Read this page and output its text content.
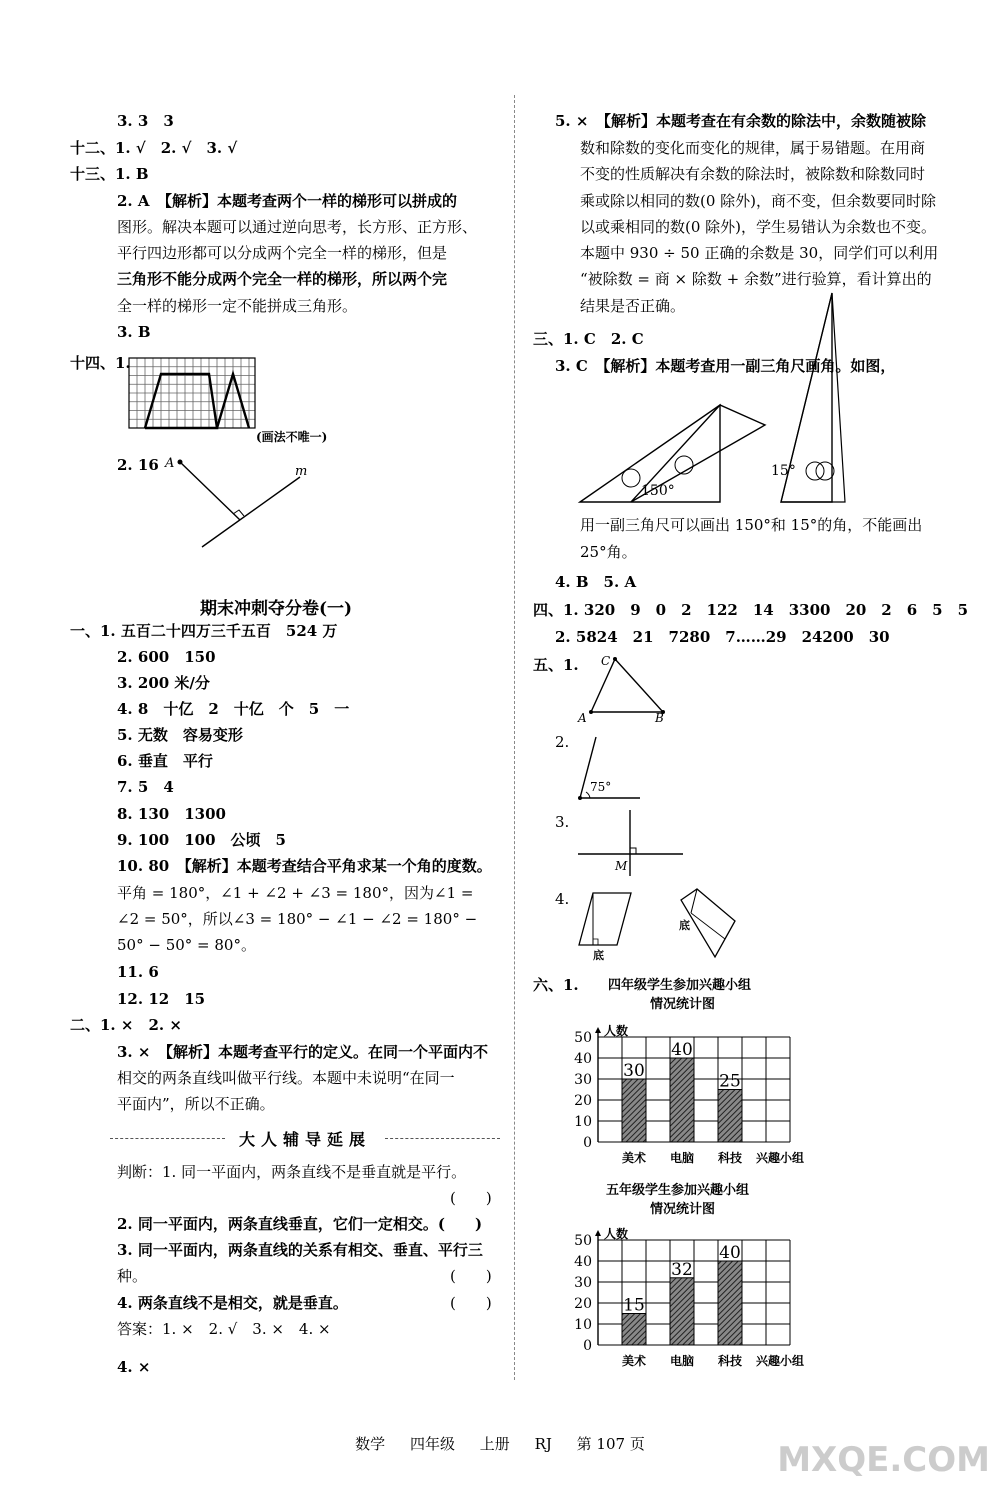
3. 3　3
十二、1. √　2. √　3. √
十三、1. B
2. A　【解析】本题考查两个一样的梯形可以拼成的
图形。解决本题可以通过逆向思考，长方形、正方形、
平行四边形都可以分成两个完全一样的梯形，但是
三角形不能分成两个完全一样的梯形，所以两个完
全一样的梯形一定不能拼成三角形。
3. B
十四、1.
2. 16
一、1. 五百二十四万三千五百　524 万
2. 600　150
3. 200 米/分
4. 8　十亿　2　十亿　个　5　一
5. 无数　容易变形
6. 垂直　平行
7. 5　4
8. 130　1300
9. 100　100　公顷　5
10. 80　【解析】本题考查结合平角求某一个角的度数。
平角 = 180°，∠1 + ∠2 + ∠3 = 180°，因为∠1 =
∠2 = 50°，所以∠3 = 180° − ∠1 − ∠2 = 180° −
50° − 50° = 80°。
11. 6
12. 12　15
二、1. ×　2. ×
3. ×　【解析】本题考查平行的定义。在同一个平面内不
相交的两条直线叫做平行线。本题中未说明“在同一
平面内”，所以不正确。
判断：1. 同一平面内，两条直线不是垂直就是平行。
(　　)
2. 同一平面内，两条直线垂直，它们一定相交。(　　)
3. 同一平面内，两条直线的关系有相交、垂直、平行三
种。	(　　)
4. 两条直线不是相交，就是垂直。	(　　)
答案：1. ×　2. √　3. ×　4. ×
4. ×
5. ×　【解析】本题考查在有余数的除法中，余数随被除
数和除数的变化而变化的规律，属于易错题。在用商
不变的性质解决有余数的除法时，被除数和除数同时
乘或除以相同的数(0 除外)，商不变，但余数要同时除
以或乘相同的数(0 除外)，学生易错认为余数也不变。
本题中 930 ÷ 50 正确的余数是 30，同学们可以利用
“被除数 = 商 × 除数 + 余数”进行验算，看计算出的
结果是否正确。
三、1. C　2. C
3. C　【解析】本题考查用一副三角尺画角。如图，
用一副三角尺可以画出 150°和 15°的角，不能画出
25°角。
4. B　5. A
四、1. 320　9　0　2　122　14　3300　20　2　6　5　5
2. 5824　21　7280　7……29　24200　30
五、1.
2.
3.
4.
六、1.
期末冲刺夺分卷(一)
大人辅导延展
(画法不唯一)
A
m
150°
15°
C
A	B
75°
M
底
底
四年级学生参加兴趣小组
情况统计图
0
10
20
30
40
50 人数
30
美术
40
电脑
25
科技 兴趣小组
五年级学生参加兴趣小组
情况统计图
0
10
20
30
40
50 人数
15
美术
32
电脑
40
科技 兴趣小组
数学 四年级 上册 RJ 第 107 页	MXQE.COM
